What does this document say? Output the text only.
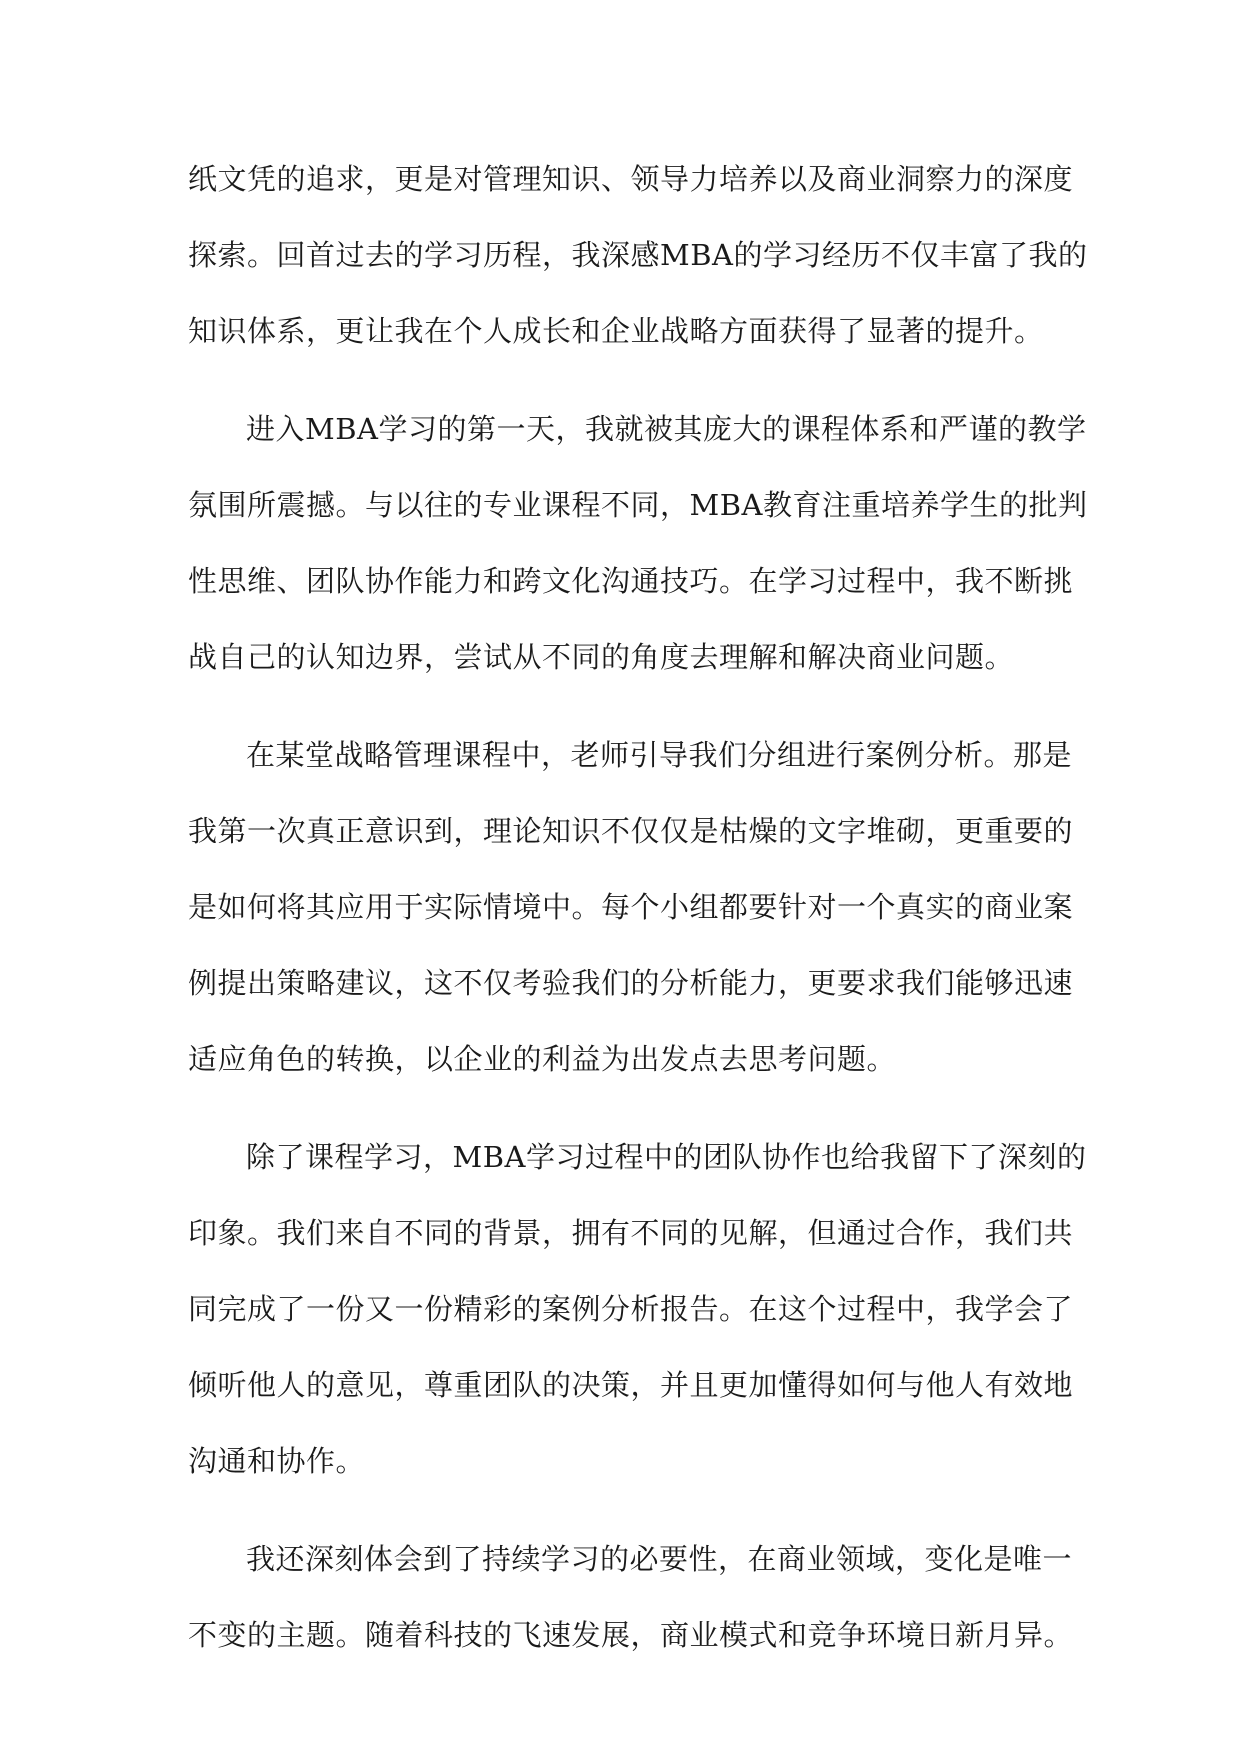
纸文凭的追求，更是对管理知识、领导力培养以及商业洞察力的深度
探索。回首过去的学习历程，我深感MBA的学习经历不仅丰富了我的
知识体系，更让我在个人成长和企业战略方面获得了显著的提升。
进入MBA学习的第一天，我就被其庞大的课程体系和严谨的教学
氛围所震撼。与以往的专业课程不同，MBA教育注重培养学生的批判
性思维、团队协作能力和跨文化沟通技巧。在学习过程中，我不断挑
战自己的认知边界，尝试从不同的角度去理解和解决商业问题。
在某堂战略管理课程中，老师引导我们分组进行案例分析。那是
我第一次真正意识到，理论知识不仅仅是枯燥的文字堆砌，更重要的
是如何将其应用于实际情境中。每个小组都要针对一个真实的商业案
例提出策略建议，这不仅考验我们的分析能力，更要求我们能够迅速
适应角色的转换，以企业的利益为出发点去思考问题。
除了课程学习，MBA学习过程中的团队协作也给我留下了深刻的
印象。我们来自不同的背景，拥有不同的见解，但通过合作，我们共
同完成了一份又一份精彩的案例分析报告。在这个过程中，我学会了
倾听他人的意见，尊重团队的决策，并且更加懂得如何与他人有效地
沟通和协作。
我还深刻体会到了持续学习的必要性，在商业领域，变化是唯一
不变的主题。随着科技的飞速发展，商业模式和竞争环境日新月异。
